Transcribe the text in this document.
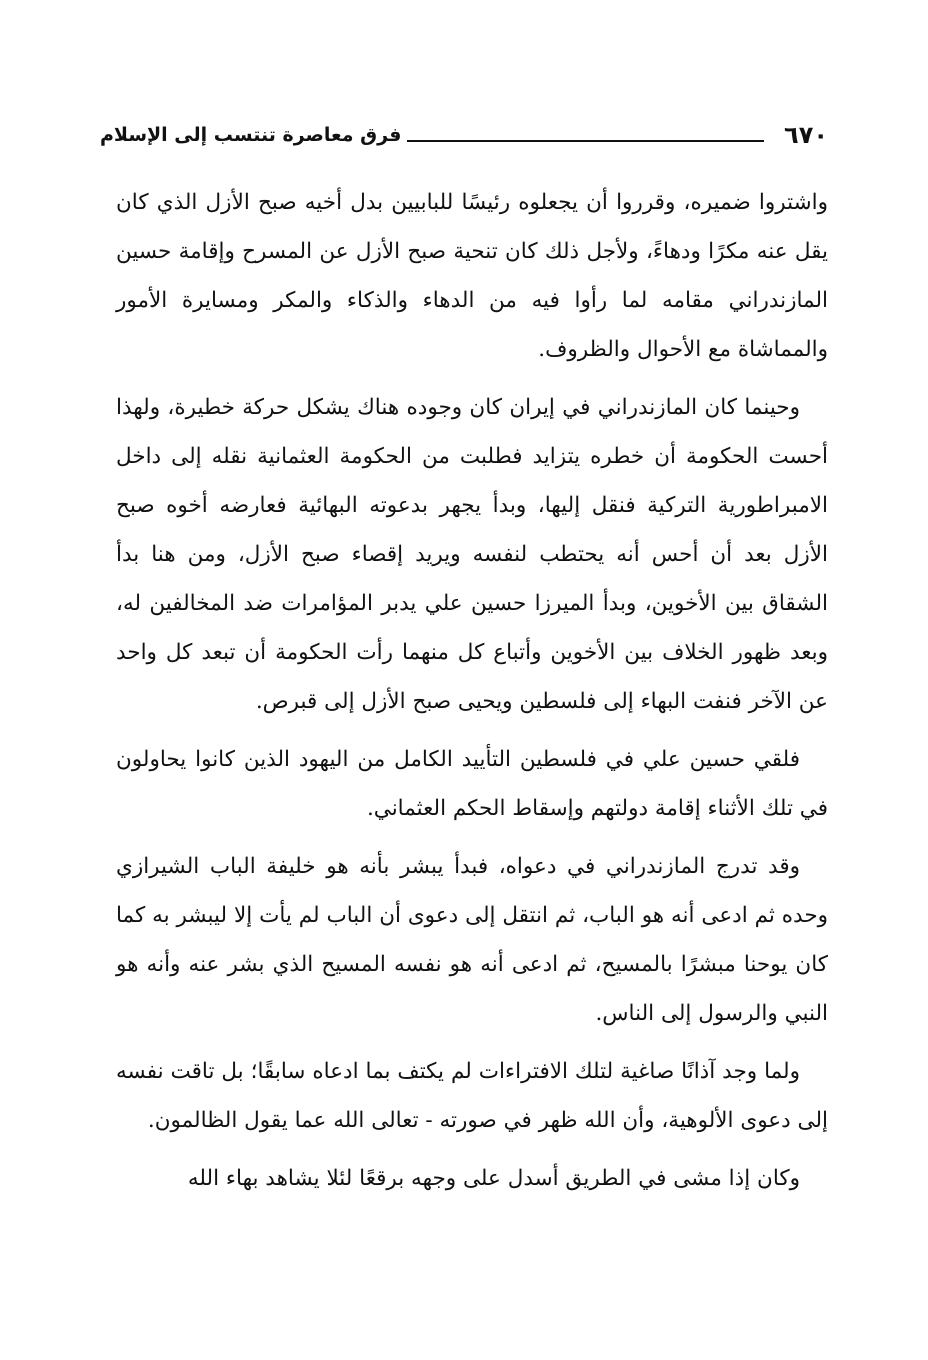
٦٧٠
فرق معاصرة تنتسب إلى الإسلام

واشتروا ضميره، وقرروا أن يجعلوه رئيسًا للبابيين بدل أخيه صبح الأزل الذي كان يقل عنه مكرًا ودهاءً، ولأجل ذلك كان تنحية صبح الأزل عن المسرح وإقامة حسين المازندراني مقامه لما رأوا فيه من الدهاء والذكاء والمكر ومسايرة الأمور والمماشاة مع الأحوال والظروف.

وحينما كان المازندراني في إيران كان وجوده هناك يشكل حركة خطيرة، ولهذا أحست الحكومة أن خطره يتزايد فطلبت من الحكومة العثمانية نقله إلى داخل الامبراطورية التركية فنقل إليها، وبدأ يجهر بدعوته البهائية فعارضه أخوه صبح الأزل بعد أن أحس أنه يحتطب لنفسه ويريد إقصاء صبح الأزل، ومن هنا بدأ الشقاق بين الأخوين، وبدأ الميرزا حسين علي يدبر المؤامرات ضد المخالفين له، وبعد ظهور الخلاف بين الأخوين وأتباع كل منهما رأت الحكومة أن تبعد كل واحد عن الآخر فنفت البهاء إلى فلسطين ويحيى صبح الأزل إلى قبرص.

فلقي حسين علي في فلسطين التأييد الكامل من اليهود الذين كانوا يحاولون في تلك الأثناء إقامة دولتهم وإسقاط الحكم العثماني.

وقد تدرج المازندراني في دعواه، فبدأ يبشر بأنه هو خليفة الباب الشيرازي وحده ثم ادعى أنه هو الباب، ثم انتقل إلى دعوى أن الباب لم يأت إلا ليبشر به كما كان يوحنا مبشرًا بالمسيح، ثم ادعى أنه هو نفسه المسيح الذي بشر عنه وأنه هو النبي والرسول إلى الناس.

ولما وجد آذانًا صاغية لتلك الافتراءات لم يكتف بما ادعاه سابقًا؛ بل تاقت نفسه إلى دعوى الألوهية، وأن الله ظهر في صورته - تعالى الله عما يقول الظالمون.

وكان إذا مشى في الطريق أسدل على وجهه برقعًا لئلا يشاهد بهاء الله
